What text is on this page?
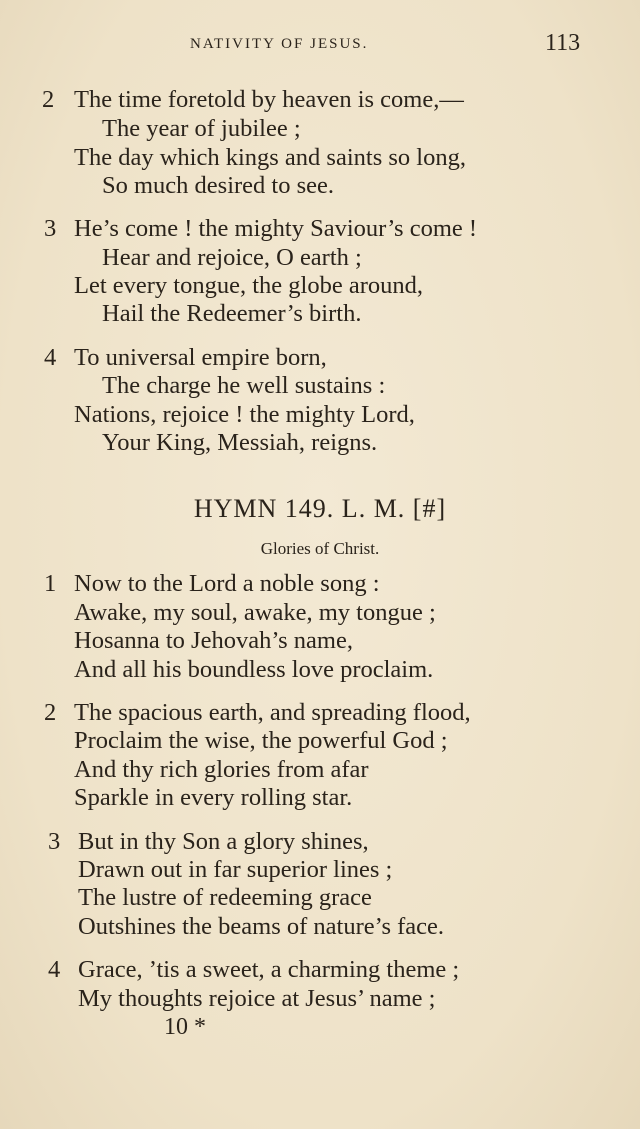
NATIVITY OF JESUS.	113
2 The time foretold by heaven is come,—
The year of jubilee ;
The day which kings and saints so long,
So much desired to see.
3 He’s come ! the mighty Saviour’s come !
Hear and rejoice, O earth ;
Let every tongue, the globe around,
Hail the Redeemer’s birth.
4 To universal empire born,
The charge he well sustains :
Nations, rejoice ! the mighty Lord,
Your King, Messiah, reigns.
HYMN 149. L. M. [#]
Glories of Christ.
1 Now to the Lord a noble song :
Awake, my soul, awake, my tongue ;
Hosanna to Jehovah’s name,
And all his boundless love proclaim.
2 The spacious earth, and spreading flood,
Proclaim the wise, the powerful God ;
And thy rich glories from afar
Sparkle in every rolling star.
3 But in thy Son a glory shines,
Drawn out in far superior lines ;
The lustre of redeeming grace
Outshines the beams of nature’s face.
4 Grace, ’tis a sweet, a charming theme ;
My thoughts rejoice at Jesus’ name ;
10 *
